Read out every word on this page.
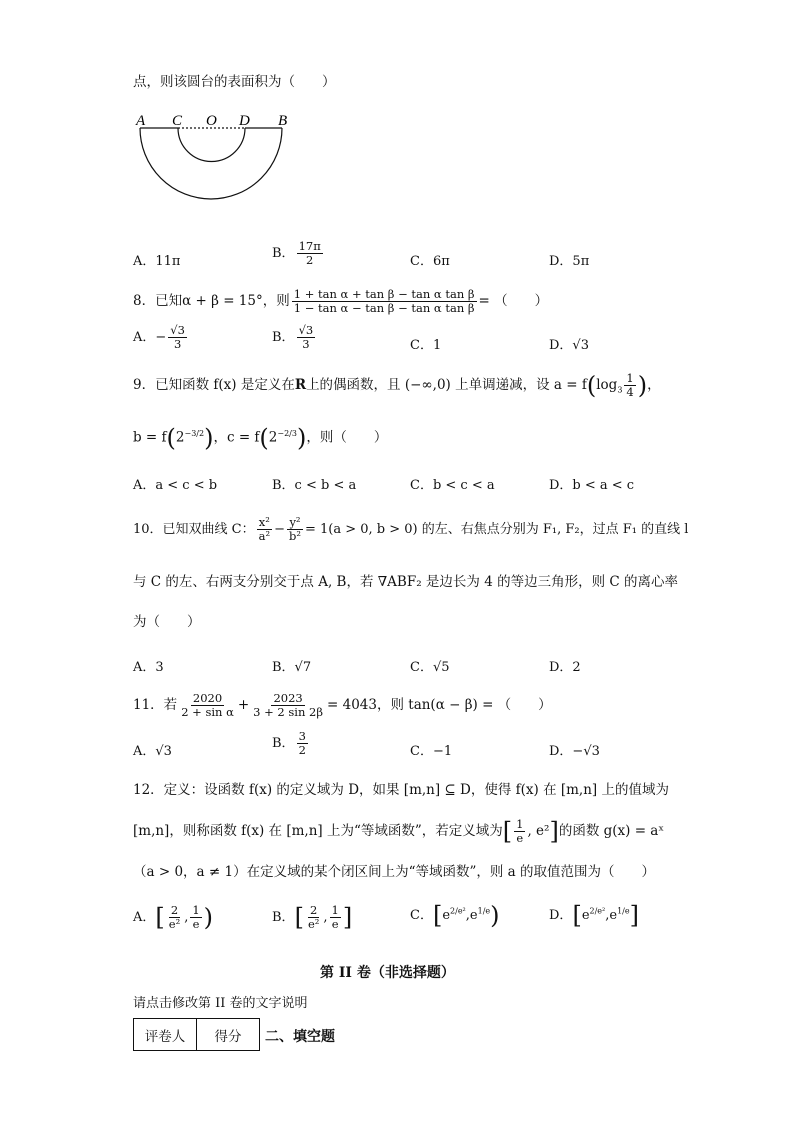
点，则该圆台的表面积为（　　）
A C O D B
A．11π
B． $\frac{17\pi}{2}$	C．6π	D．5π
8．已知α + β = 15°，则 $\frac{\text{1 + tan α + tan β − tan α tan β}}{\text{1 − tan α − tan β − tan α tan β}}$ = （　　）
A．− $\frac{√3}{3}$	B． $\frac{√3}{3}$	C．1	D．√3
9．已知函数 f(x) 是定义在R上的偶函数，且 (−∞,0) 上单调递减，设 $a = f(\log_3 \frac{1}{4}$ )，
$b = f(2^{-3/2})$，$c = f(2^{-2/3})$，则（　　）
A．a < c < b	B．c < b < a	C．b < c < a	D．b < a < c
10．已知双曲线 C： $\frac{\text{x²}}{\text{a²}} - \frac{\text{y²}}{\text{b²}} = 1(a > 0$, b > 0) 的左、右焦点分别为 F₁, F₂，过点 F₁ 的直线 l
与 C 的左、右两支分别交于点 A, B，若 ∇ABF₂ 是边长为 4 的等边三角形，则 C 的离心率
为（　　）
A．3	B．√7	C．√5	D．2
11．若 $\frac{2020}{\text{2 + sin α}} + \frac{2023}{3 + 2 \sin 2\beta} = 4043$，则 tan(α − β) = （　　）
A．√3
B． $\frac{3}{2}$	C．−1	D．−√3
12．定义：设函数 f(x) 的定义域为 D，如果 [m,n] ⊆ D，使得 f(x) 在 [m,n] 上的值域为
[m,n]，则称函数 f(x) 在 [m,n] 上为“等域函数”，若定义域为[ $\frac{1}{e}$ , e²]的函数 g(x) = aˣ
（a > 0，a ≠ 1）在定义域的某个闭区间上为“等域函数”，则 a 的取值范围为（　　）
A．[ $\frac{2}{\text{e²}}$ , $\frac{1}{e}$ )	B．[ $\frac{2}{\text{e²}}$ , $\frac{1}{e}$ ]	C．$[e^{2/e^2},e^{1/e})$	D．$[e^{2/e^2},e^{1/e}]$
第 II 卷（非选择题）
请点击修改第 II 卷的文字说明
评卷人	得分 二、填空题
